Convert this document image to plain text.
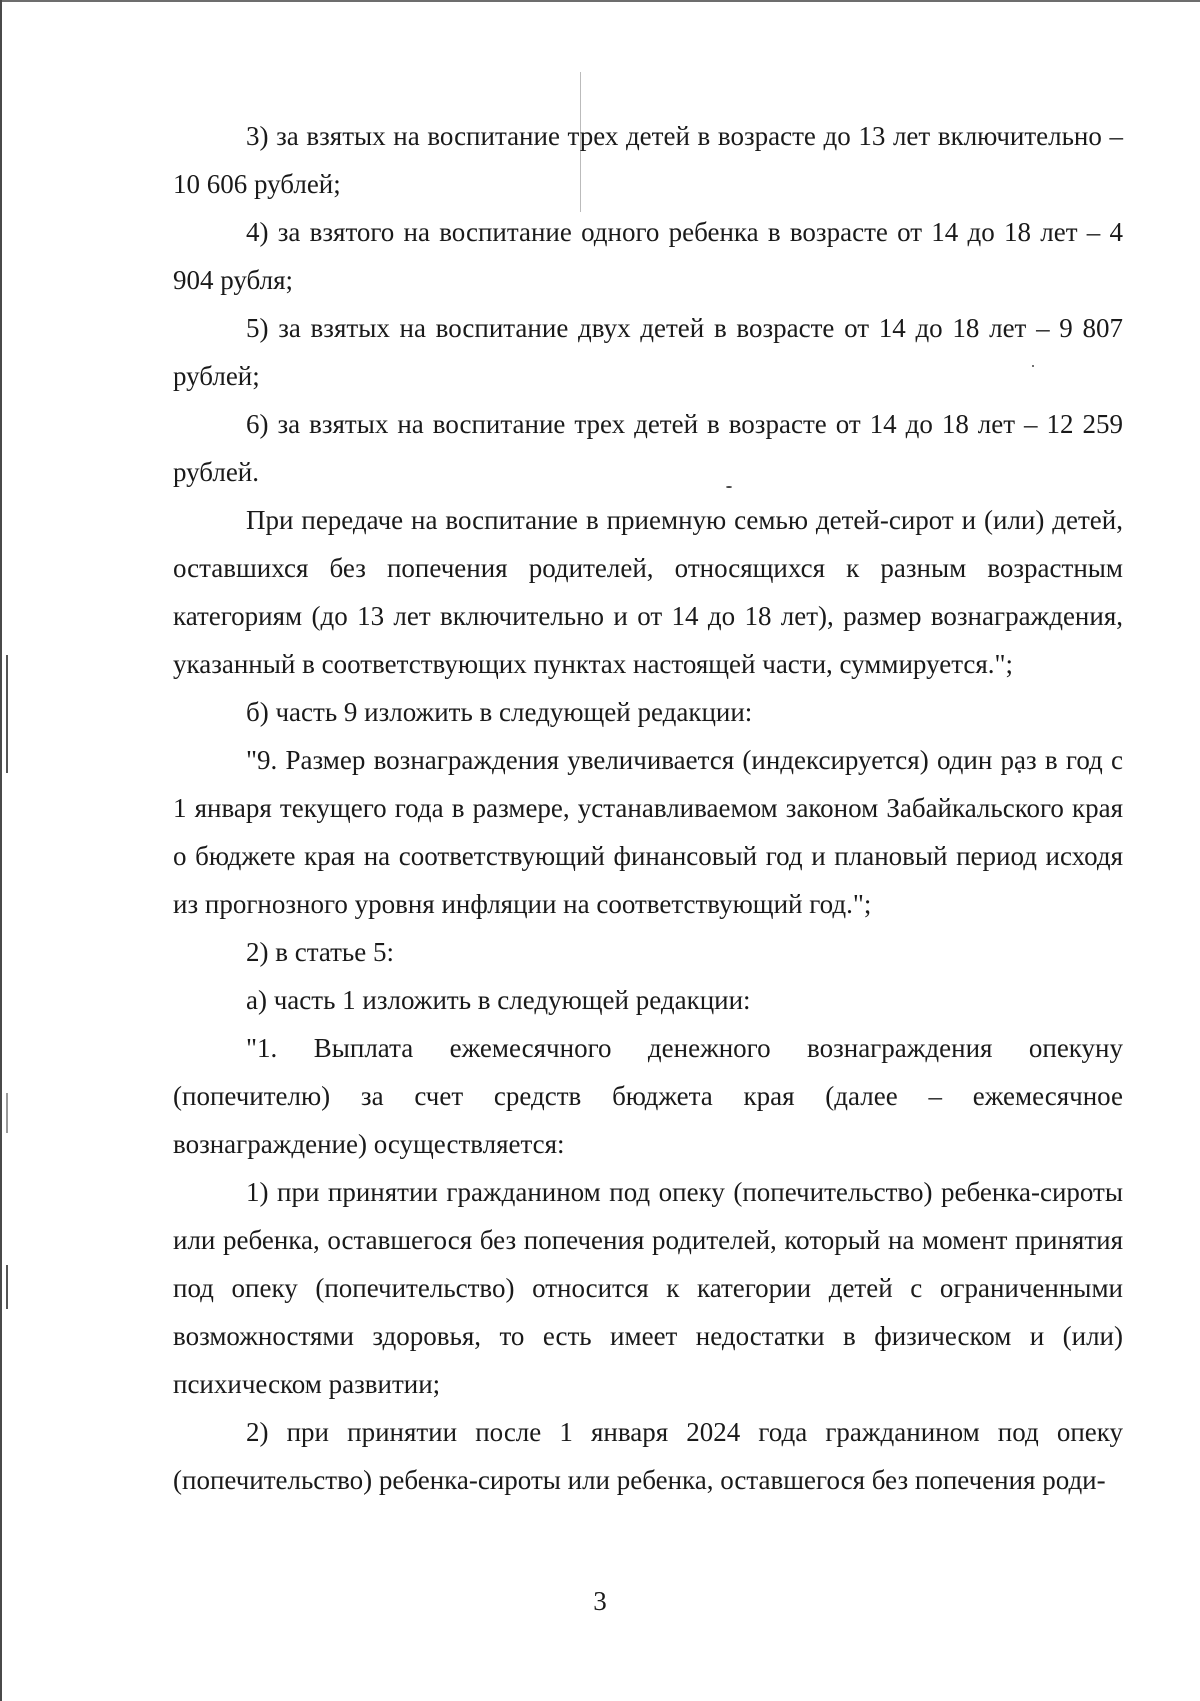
3) за взятых на воспитание трех детей в возрасте до 13 лет включительно – 10 606 рублей;

4) за взятого на воспитание одного ребенка в возрасте от 14 до 18 лет – 4 904 рубля;

5) за взятых на воспитание двух детей в возрасте от 14 до 18 лет – 9 807 рублей;

6) за взятых на воспитание трех детей в возрасте от 14 до 18 лет – 12 259 рублей.

При передаче на воспитание в приемную семью детей-сирот и (или) детей, оставшихся без попечения родителей, относящихся к разным возрастным категориям (до 13 лет включительно и от 14 до 18 лет), размер вознаграждения, указанный в соответствующих пунктах настоящей части, суммируется.";

б) часть 9 изложить в следующей редакции:

"9. Размер вознаграждения увеличивается (индексируется) один раз в год с 1 января текущего года в размере, устанавливаемом законом Забайкальского края о бюджете края на соответствующий финансовый год и плановый период исходя из прогнозного уровня инфляции на соответствующий год.";

2) в статье 5:

а) часть 1 изложить в следующей редакции:

"1. Выплата ежемесячного денежного вознаграждения опекуну (попечителю) за счет средств бюджета края (далее – ежемесячное вознаграждение) осуществляется:

1) при принятии гражданином под опеку (попечительство) ребенка-сироты или ребенка, оставшегося без попечения родителей, который на момент принятия под опеку (попечительство) относится к категории детей с ограниченными возможностями здоровья, то есть имеет недостатки в физическом и (или) психическом развитии;

2) при принятии после 1 января 2024 года гражданином под опеку (попечительство) ребенка-сироты или ребенка, оставшегося без попечения роди-

3
